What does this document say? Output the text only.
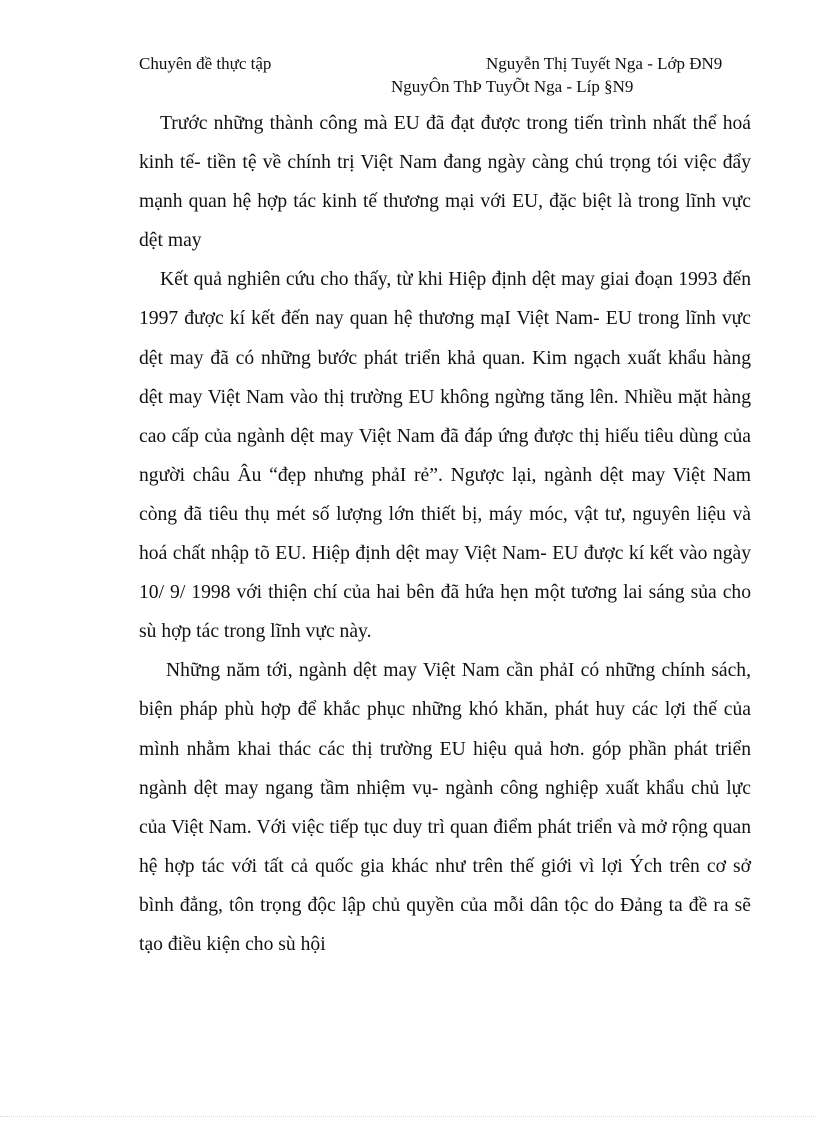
Chuyên đề thực tập	Nguyễn Thị Tuyết Nga - Lớp ĐN9
NguyÔn ThÞ TuyÕt Nga - Líp §N9

Trước những thành công mà EU đã đạt được trong tiến trình nhất thể hoá kinh tế- tiền tệ về chính trị Việt Nam đang ngày càng chú trọng tói việc đẩy mạnh quan hệ hợp tác kinh tế thương mại với EU, đặc biệt là trong lĩnh vực dệt may

Kết quả nghiên cứu cho thấy, từ khi Hiệp định dệt may giai đoạn 1993 đến 1997 được kí kết đến nay quan hệ thương mạI Việt Nam- EU trong lĩnh vực dệt may đã có những bước phát triển khả quan. Kim ngạch xuất khẩu hàng dệt may Việt Nam vào thị trường EU không ngừng tăng lên. Nhiều mặt hàng cao cấp của ngành dệt may Việt Nam đã đáp ứng được thị hiếu tiêu dùng của người châu Âu “đẹp nhưng phảI rẻ”. Ngược lại, ngành dệt may Việt Nam còng đã tiêu thụ mét số lượng lớn thiết bị, máy móc, vật tư, nguyên liệu và hoá chất nhập tõ EU. Hiệp định dệt may Việt Nam- EU được kí kết vào ngày 10/ 9/ 1998 với thiện chí của hai bên đã hứa hẹn một tương lai sáng sủa cho sù hợp tác trong lĩnh vực này.

Những năm tới, ngành dệt may Việt Nam cần phảI có những chính sách, biện pháp phù hợp để khắc phục những khó khăn, phát huy các lợi thế của mình nhằm khai thác các thị trường EU hiệu quả hơn. góp phần phát triển ngành dệt may ngang tầm nhiệm vụ- ngành công nghiệp xuất khẩu chủ lực của Việt Nam. Với việc tiếp tục duy trì quan điểm phát triển và mở rộng quan hệ hợp tác với tất cả quốc gia khác như trên thế giới vì lợi Ých trên cơ sở bình đẳng, tôn trọng độc lập chủ quyền của mỗi dân tộc do Đảng ta đề ra sẽ tạo điều kiện cho sù hội
